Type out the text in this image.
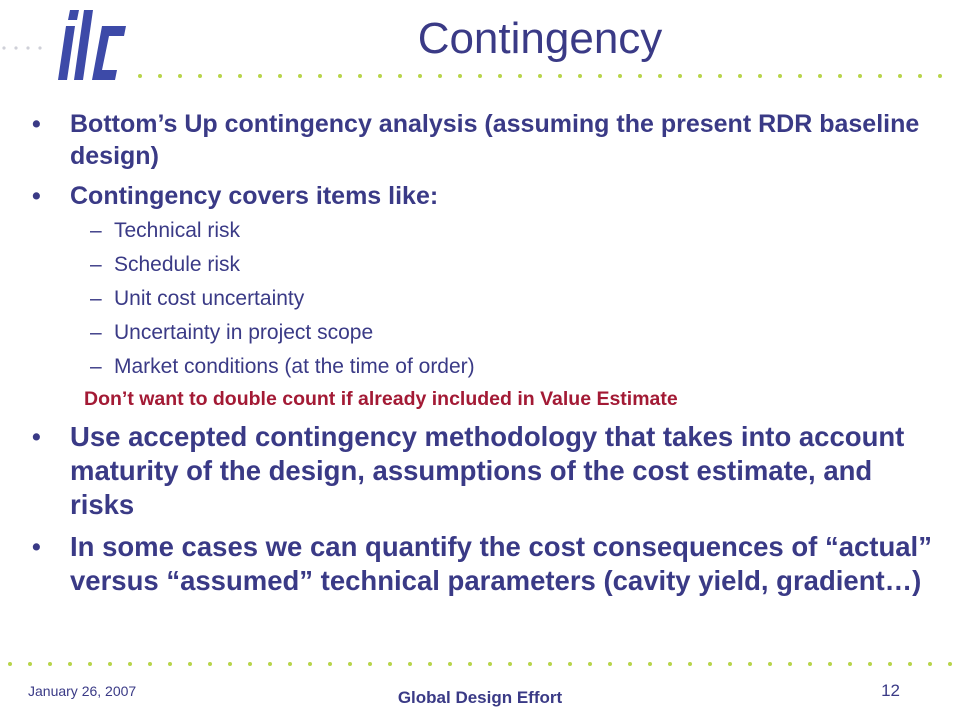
Contingency
• Bottom’s Up contingency analysis (assuming the present RDR baseline design)
• Contingency covers items like:
– Technical risk
– Schedule risk
– Unit cost uncertainty
– Uncertainty in project scope
– Market conditions (at the time of order)
Don’t want to double count if already included in Value Estimate
• Use accepted contingency methodology that takes into account maturity of the design, assumptions of the cost estimate, and risks
• In some cases we can quantify the cost consequences of “actual” versus “assumed” technical parameters (cavity yield, gradient…)
January 26, 2007	Global Design Effort	12
